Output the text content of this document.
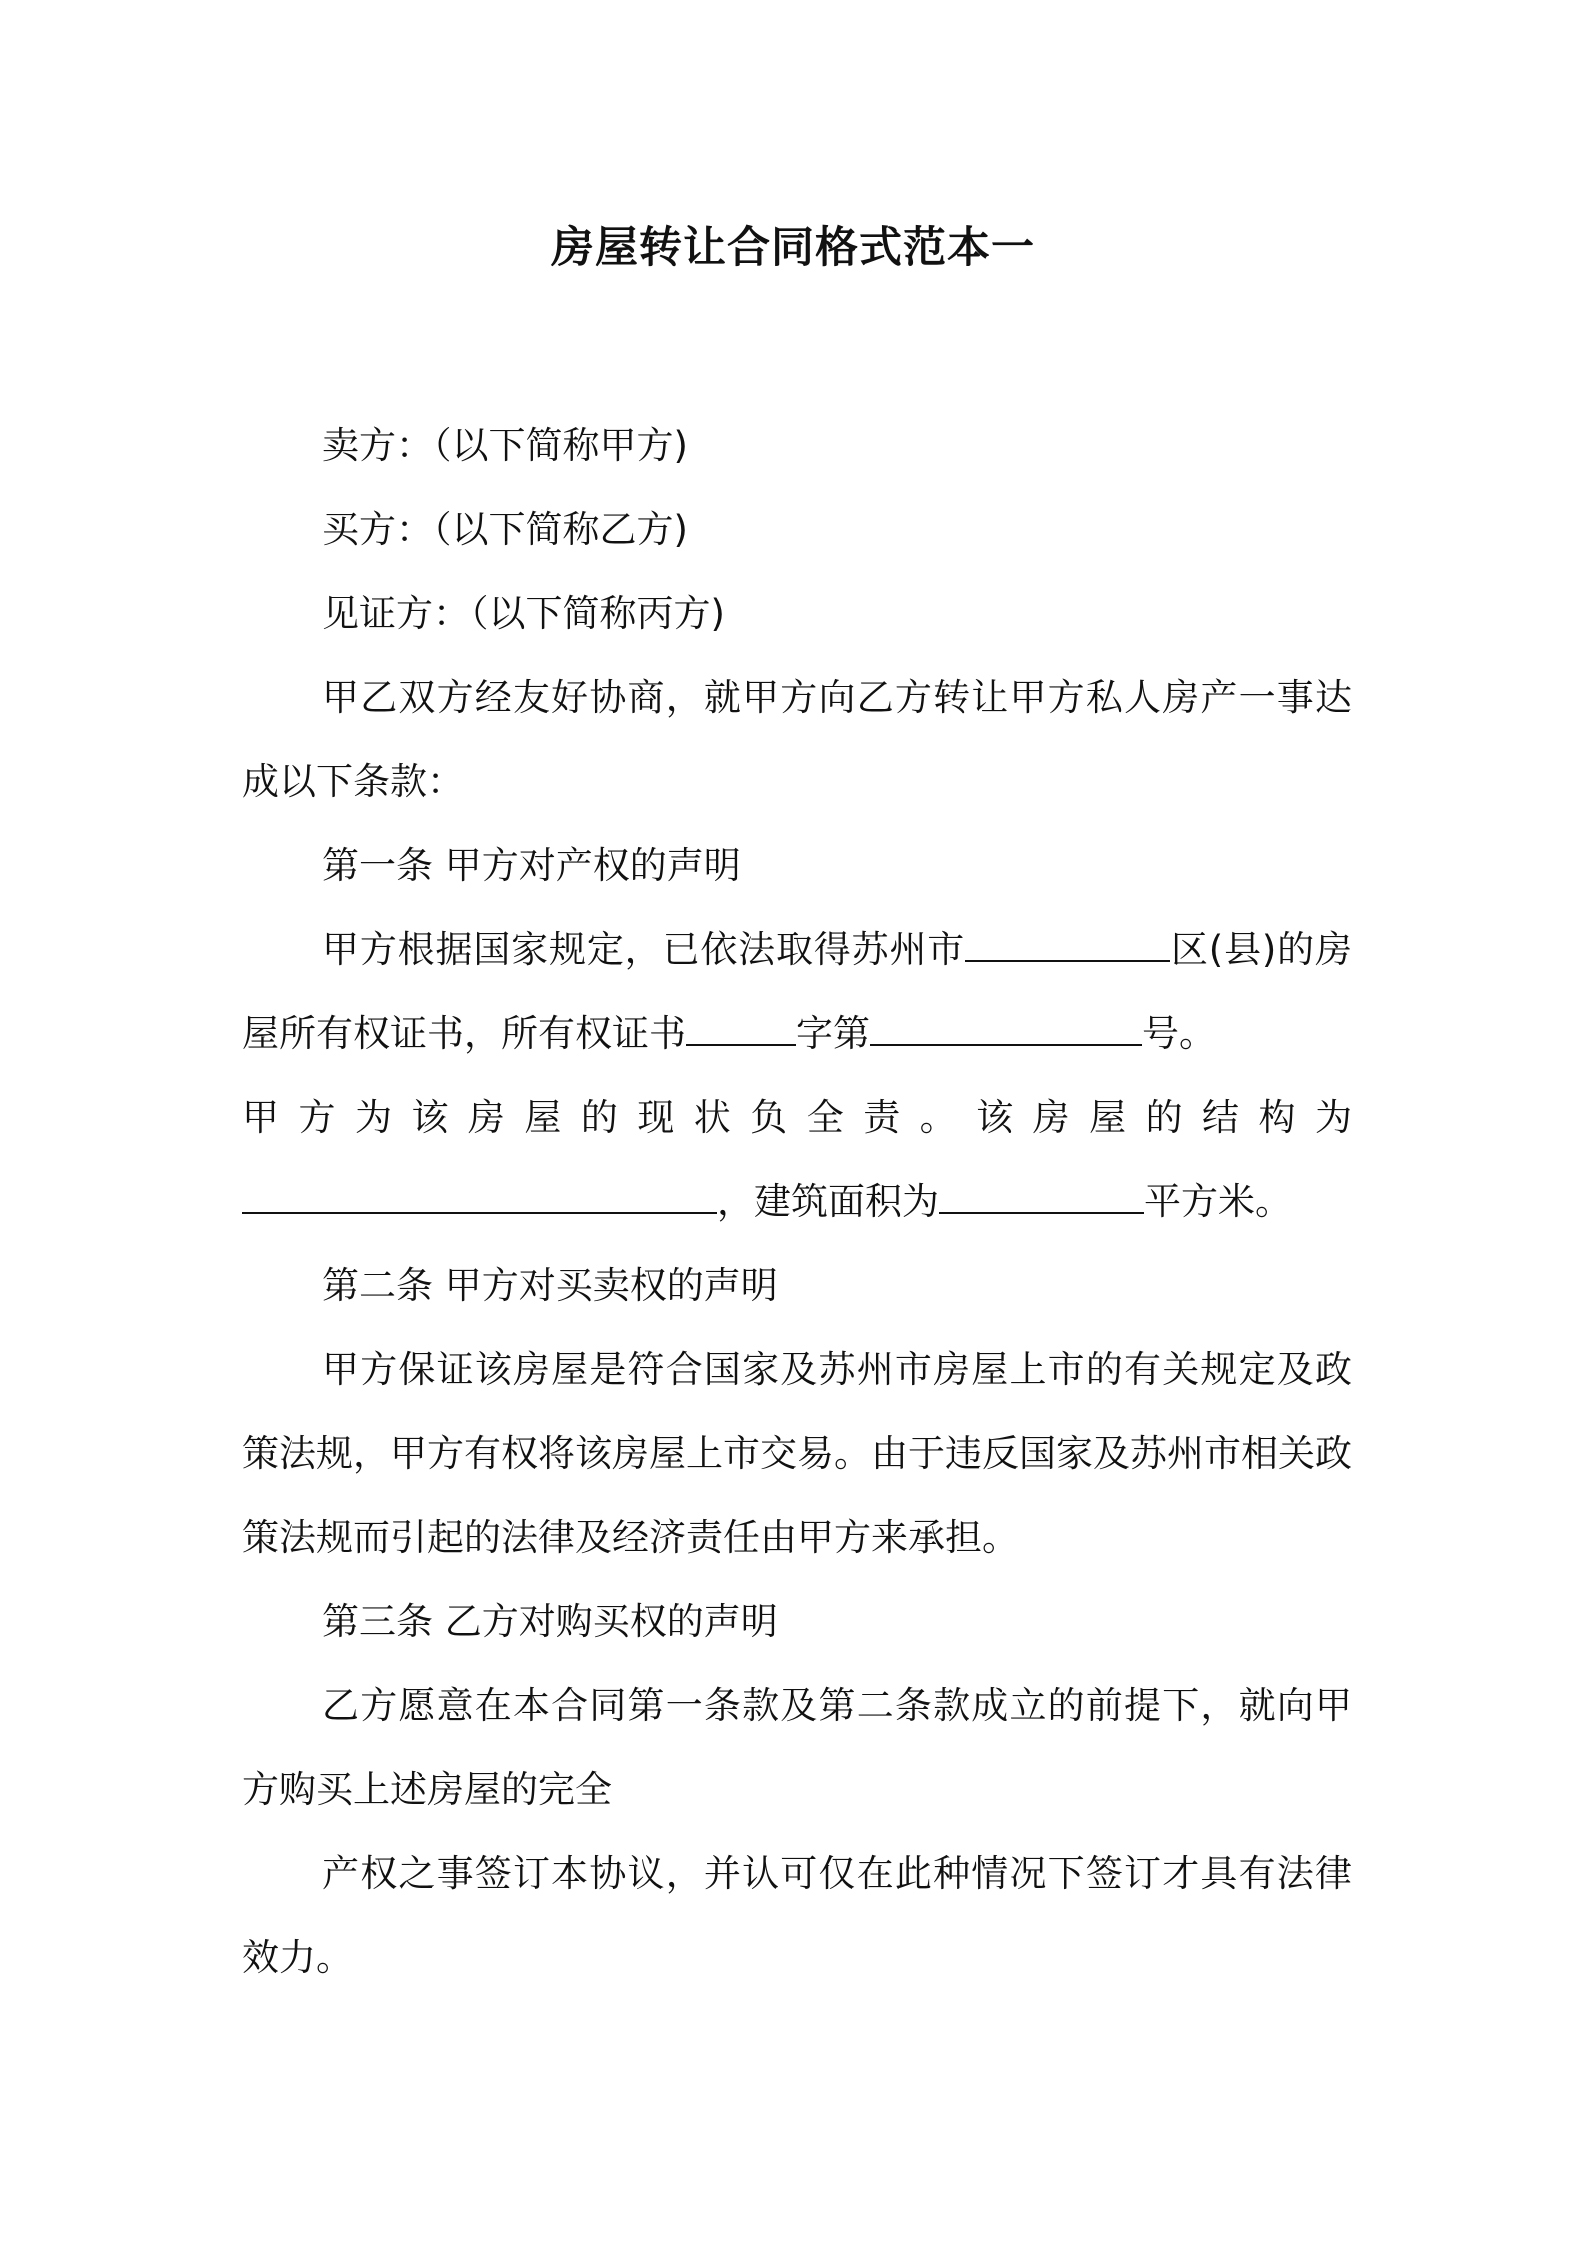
房屋转让合同格式范本一

卖方：（以下简称甲方)

买方：（以下简称乙方)

见证方：（以下简称丙方)

甲乙双方经友好协商，就甲方向乙方转让甲方私人房产一事达成以下条款：

第一条 甲方对产权的声明

甲方根据国家规定，已依法取得苏州市	区(县)的房屋所有权证书，所有权证书	字第	号。
甲方为该房屋的现状负全责。该房屋的结构为
，建筑面积为	平方米。

第二条 甲方对买卖权的声明

甲方保证该房屋是符合国家及苏州市房屋上市的有关规定及政策法规，甲方有权将该房屋上市交易。由于违反国家及苏州市相关政策法规而引起的法律及经济责任由甲方来承担。

第三条 乙方对购买权的声明

乙方愿意在本合同第一条款及第二条款成立的前提下，就向甲方购买上述房屋的完全

产权之事签订本协议，并认可仅在此种情况下签订才具有法律效力。
